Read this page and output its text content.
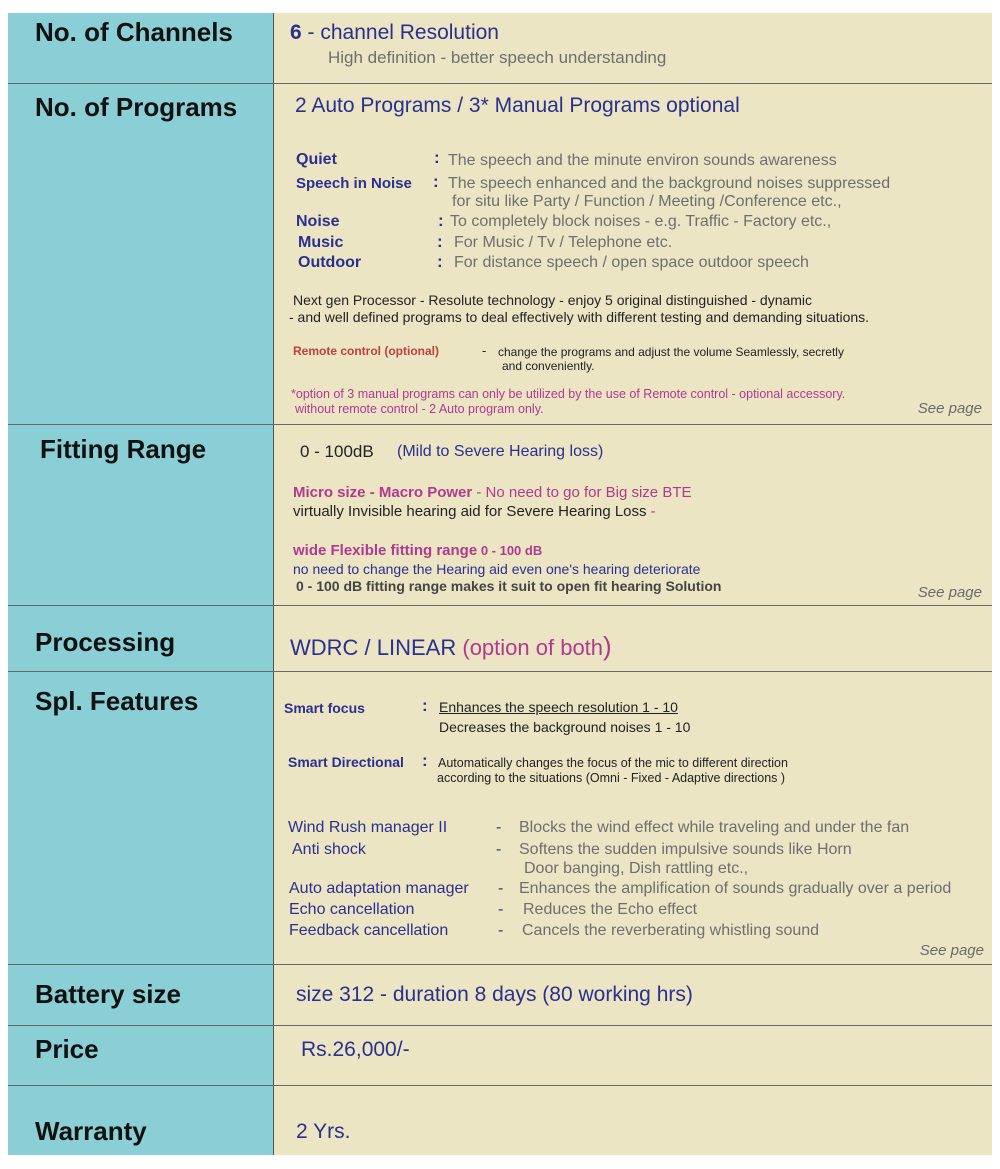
No. of Channels	6 - channel Resolution
High definition - better speech understanding
No. of Programs	2 Auto Programs / 3* Manual Programs optional
Quiet	: The speech and the minute environ sounds awareness
Speech in Noise : The speech enhanced and the background noises suppressed
for situ like Party / Function / Meeting /Conference etc.,
Noise	: To completely block noises - e.g. Traffic - Factory etc.,
Music	: For Music / Tv / Telephone etc.
Outdoor	: For distance speech / open space outdoor speech
Next gen Processor - Resolute technology - enjoy 5 original distinguished - dynamic
- and well defined programs to deal effectively with different testing and demanding situations.
Remote control (optional)	- change the programs and adjust the volume Seamlessly, secretly
and conveniently.
*option of 3 manual programs can only be utilized by the use of Remote control - optional accessory.
without remote control - 2 Auto program only.	See page
Fitting Range	0 - 100dB (Mild to Severe Hearing loss)
Micro size - Macro Power - No need to go for Big size BTE
virtually Invisible hearing aid for Severe Hearing Loss -
wide Flexible fitting range 0 - 100 dB
no need to change the Hearing aid even one's hearing deteriorate
0 - 100 dB fitting range makes it suit to open fit hearing Solution	See page
Processing	WDRC / LINEAR (option of both)
Spl. Features	Smart focus	: Enhances the speech resolution 1 - 10
Decreases the background noises 1 - 10
Smart Directional : Automatically changes the focus of the mic to different direction
according to the situations (Omni - Fixed - Adaptive directions )
Wind Rush manager II	- Blocks the wind effect while traveling and under the fan
Anti shock	- Softens the sudden impulsive sounds like Horn
Door banging, Dish rattling etc.,
Auto adaptation manager - Enhances the amplification of sounds gradually over a period
Echo cancellation	- Reduces the Echo effect
Feedback cancellation	- Cancels the reverberating whistling sound
See page
Battery size	size 312 - duration 8 days (80 working hrs)
Price	Rs.26,000/-
Warranty	2 Yrs.
